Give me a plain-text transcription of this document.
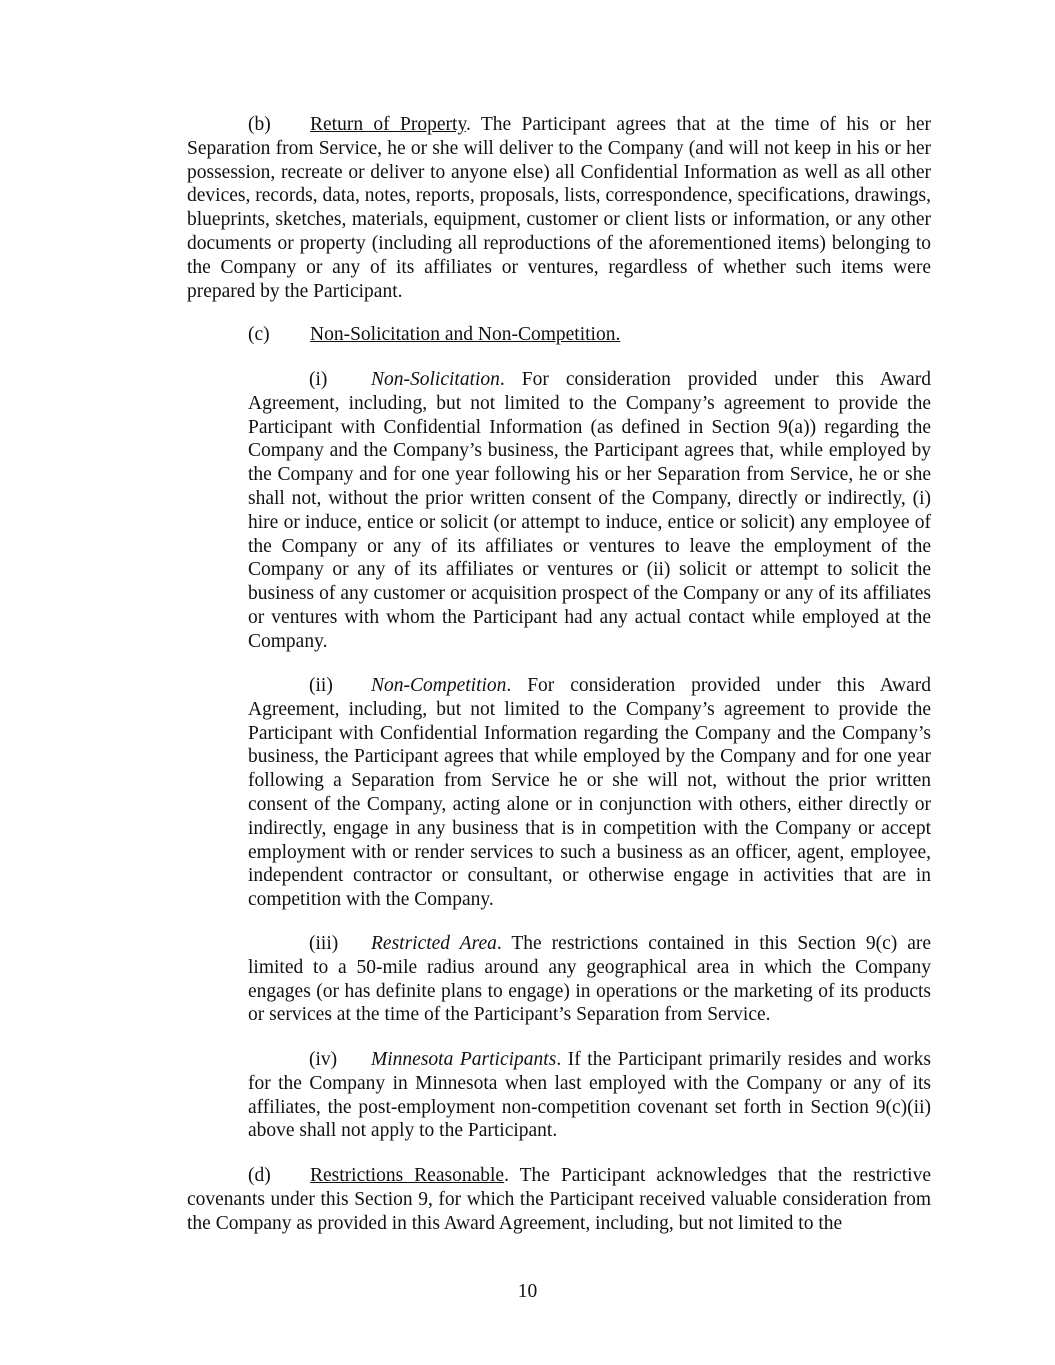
(b) Return of Property. The Participant agrees that at the time of his or her Separation from Service, he or she will deliver to the Company (and will not keep in his or her possession, recreate or deliver to anyone else) all Confidential Information as well as all other devices, records, data, notes, reports, proposals, lists, correspondence, specifications, drawings, blueprints, sketches, materials, equipment, customer or client lists or information, or any other documents or property (including all reproductions of the aforementioned items) belonging to the Company or any of its affiliates or ventures, regardless of whether such items were prepared by the Participant.

(c) Non-Solicitation and Non-Competition.

(i) Non-Solicitation. For consideration provided under this Award Agreement, including, but not limited to the Company’s agreement to provide the Participant with Confidential Information (as defined in Section 9(a)) regarding the Company and the Company’s business, the Participant agrees that, while employed by the Company and for one year following his or her Separation from Service, he or she shall not, without the prior written consent of the Company, directly or indirectly, (i) hire or induce, entice or solicit (or attempt to induce, entice or solicit) any employee of the Company or any of its affiliates or ventures to leave the employment of the Company or any of its affiliates or ventures or (ii) solicit or attempt to solicit the business of any customer or acquisition prospect of the Company or any of its affiliates or ventures with whom the Participant had any actual contact while employed at the Company.

(ii) Non-Competition. For consideration provided under this Award Agreement, including, but not limited to the Company’s agreement to provide the Participant with Confidential Information regarding the Company and the Company’s business, the Participant agrees that while employed by the Company and for one year following a Separation from Service he or she will not, without the prior written consent of the Company, acting alone or in conjunction with others, either directly or indirectly, engage in any business that is in competition with the Company or accept employment with or render services to such a business as an officer, agent, employee, independent contractor or consultant, or otherwise engage in activities that are in competition with the Company.

(iii) Restricted Area. The restrictions contained in this Section 9(c) are limited to a 50-mile radius around any geographical area in which the Company engages (or has definite plans to engage) in operations or the marketing of its products or services at the time of the Participant’s Separation from Service.

(iv) Minnesota Participants. If the Participant primarily resides and works for the Company in Minnesota when last employed with the Company or any of its affiliates, the post-employment non-competition covenant set forth in Section 9(c)(ii) above shall not apply to the Participant.

(d) Restrictions Reasonable. The Participant acknowledges that the restrictive covenants under this Section 9, for which the Participant received valuable consideration from the Company as provided in this Award Agreement, including, but not limited to the

10
